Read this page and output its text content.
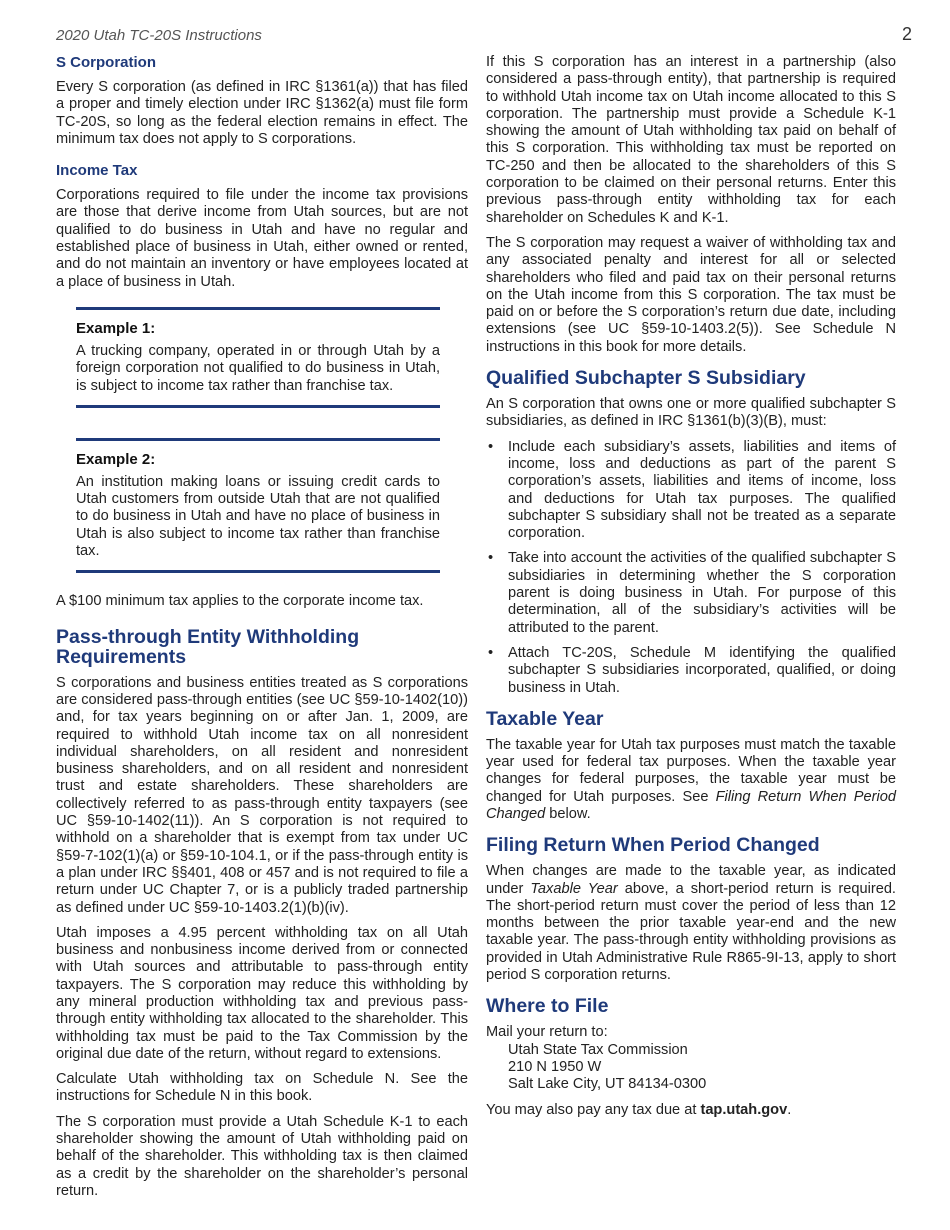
2020 Utah TC-20S Instructions	2
S Corporation

Every S corporation (as defined in IRC §1361(a)) that has filed a proper and timely election under IRC §1362(a) must file form TC-20S, so long as the federal election remains in effect. The minimum tax does not apply to S corporations.

Income Tax

Corporations required to file under the income tax provisions are those that derive income from Utah sources, but are not qualified to do business in Utah and have no regular and established place of business in Utah, either owned or rented, and do not maintain an inventory or have employees located at a place of business in Utah.

Example 1:

A trucking company, operated in or through Utah by a foreign corporation not qualified to do business in Utah, is subject to income tax rather than franchise tax.

Example 2:

An institution making loans or issuing credit cards to Utah customers from outside Utah that are not qualified to do business in Utah and have no place of business in Utah is also subject to income tax rather than franchise tax.

A $100 minimum tax applies to the corporate income tax.

Pass-through Entity Withholding Requirements

S corporations and business entities treated as S corporations are considered pass-through entities (see UC §59-10-1402(10)) and, for tax years beginning on or after Jan. 1, 2009, are required to withhold Utah income tax on all nonresident individual shareholders, on all resident and nonresident business shareholders, and on all resident and nonresident trust and estate shareholders. These shareholders are collectively referred to as pass-through entity taxpayers (see UC §59-10-1402(11)). An S corporation is not required to withhold on a shareholder that is exempt from tax under UC §59-7-102(1)(a) or §59-10-104.1, or if the pass-through entity is a plan under IRC §§401, 408 or 457 and is not required to file a return under UC Chapter 7, or is a publicly traded partnership as defined under UC §59-10-1403.2(1)(b)(iv).

Utah imposes a 4.95 percent withholding tax on all Utah business and nonbusiness income derived from or connected with Utah sources and attributable to pass-through entity taxpayers. The S corporation may reduce this withholding by any mineral production withholding tax and previous pass-through entity withholding tax allocated to the shareholder. This withholding tax must be paid to the Tax Commission by the original due date of the return, without regard to extensions.

Calculate Utah withholding tax on Schedule N. See the instructions for Schedule N in this book.

The S corporation must provide a Utah Schedule K-1 to each shareholder showing the amount of Utah withholding paid on behalf of the shareholder. This withholding tax is then claimed as a credit by the shareholder on the shareholder’s personal return.

If this S corporation has an interest in a partnership (also considered a pass-through entity), that partnership is required to withhold Utah income tax on Utah income allocated to this S corporation. The partnership must provide a Schedule K-1 showing the amount of Utah withholding tax paid on behalf of this S corporation. This withholding tax must be reported on TC-250 and then be allocated to the shareholders of this S corporation to be claimed on their personal returns. Enter this previous pass-through entity withholding tax for each shareholder on Schedules K and K-1.

The S corporation may request a waiver of withholding tax and any associated penalty and interest for all or selected shareholders who filed and paid tax on their personal returns on the Utah income from this S corporation. The tax must be paid on or before the S corporation’s return due date, including extensions (see UC §59-10-1403.2(5)). See Schedule N instructions in this book for more details.

Qualified Subchapter S Subsidiary

An S corporation that owns one or more qualified subchapter S subsidiaries, as defined in IRC §1361(b)(3)(B), must:

• Include each subsidiary’s assets, liabilities and items of income, loss and deductions as part of the parent S corporation’s assets, liabilities and items of income, loss and deductions for Utah tax purposes. The qualified subchapter S subsidiary shall not be treated as a separate corporation.
• Take into account the activities of the qualified subchapter S subsidiaries in determining whether the S corporation parent is doing business in Utah. For purpose of this determination, all of the subsidiary’s activities will be attributed to the parent.
• Attach TC-20S, Schedule M identifying the qualified subchapter S subsidiaries incorporated, qualified, or doing business in Utah.
Taxable Year

The taxable year for Utah tax purposes must match the taxable year used for federal tax purposes. When the taxable year changes for federal purposes, the taxable year must be changed for Utah purposes. See Filing Return When Period Changed below.

Filing Return When Period Changed

When changes are made to the taxable year, as indicated under Taxable Year above, a short-period return is required. The short-period return must cover the period of less than 12 months between the prior taxable year-end and the new taxable year. The pass-through entity withholding provisions as provided in Utah Administrative Rule R865-9I-13, apply to short period S corporation returns.

Where to File

Mail your return to:

Utah State Tax Commission
210 N 1950 W
Salt Lake City, UT 84134-0300

You may also pay any tax due at tap.utah.gov.
